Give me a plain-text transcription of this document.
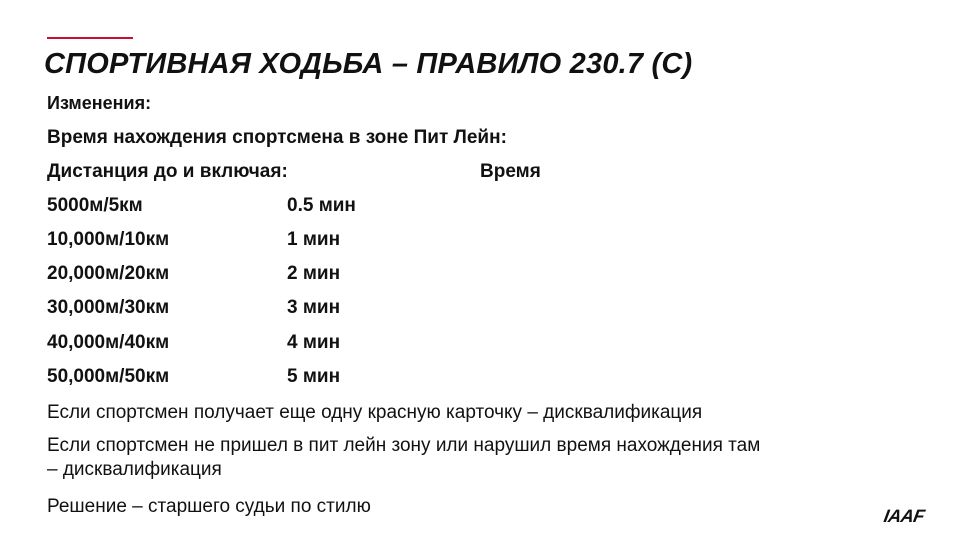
СПОРТИВНАЯ ХОДЬБА – ПРАВИЛО 230.7 (С)
Изменения:
Время нахождения спортсмена в зоне Пит Лейн:
Дистанция до и включая:	Время
5000м/5км	0.5 мин
10,000м/10км	1 мин
20,000м/20км	2 мин
30,000м/30км	3 мин
40,000м/40км	4 мин
50,000м/50км	5 мин
Если спортсмен получает еще одну красную карточку – дисквалификация
Если спортсмен не пришел в пит лейн зону или нарушил время нахождения там
– дисквалификация
Решение – старшего судьи по стилю	IAAF
